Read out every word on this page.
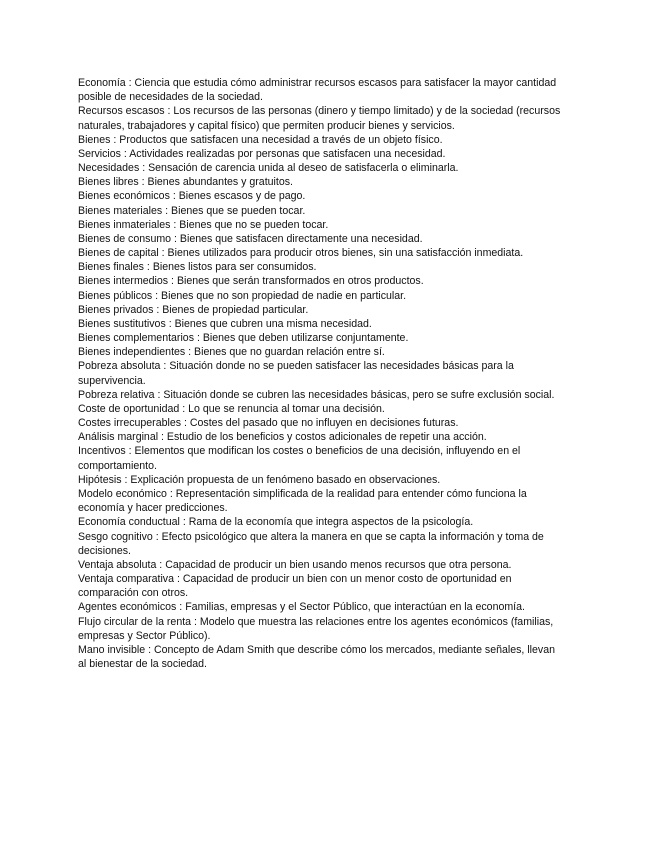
Economía : Ciencia que estudia cómo administrar recursos escasos para satisfacer la mayor cantidad posible de necesidades de la sociedad.

Recursos escasos : Los recursos de las personas (dinero y tiempo limitado) y de la sociedad (recursos naturales, trabajadores y capital físico) que permiten producir bienes y servicios.

Bienes : Productos que satisfacen una necesidad a través de un objeto físico.

Servicios : Actividades realizadas por personas que satisfacen una necesidad.

Necesidades : Sensación de carencia unida al deseo de satisfacerla o eliminarla.

Bienes libres : Bienes abundantes y gratuitos.

Bienes económicos : Bienes escasos y de pago.

Bienes materiales : Bienes que se pueden tocar.

Bienes inmateriales : Bienes que no se pueden tocar.

Bienes de consumo : Bienes que satisfacen directamente una necesidad.

Bienes de capital : Bienes utilizados para producir otros bienes, sin una satisfacción inmediata.

Bienes finales : Bienes listos para ser consumidos.

Bienes intermedios : Bienes que serán transformados en otros productos.

Bienes públicos : Bienes que no son propiedad de nadie en particular.

Bienes privados : Bienes de propiedad particular.

Bienes sustitutivos : Bienes que cubren una misma necesidad.

Bienes complementarios : Bienes que deben utilizarse conjuntamente.

Bienes independientes : Bienes que no guardan relación entre sí.

Pobreza absoluta : Situación donde no se pueden satisfacer las necesidades básicas para la supervivencia.

Pobreza relativa : Situación donde se cubren las necesidades básicas, pero se sufre exclusión social.

Coste de oportunidad : Lo que se renuncia al tomar una decisión.

Costes irrecuperables : Costes del pasado que no influyen en decisiones futuras.

Análisis marginal : Estudio de los beneficios y costos adicionales de repetir una acción.

Incentivos : Elementos que modifican los costes o beneficios de una decisión, influyendo en el comportamiento.

Hipótesis : Explicación propuesta de un fenómeno basado en observaciones.

Modelo económico : Representación simplificada de la realidad para entender cómo funciona la economía y hacer predicciones.

Economía conductual : Rama de la economía que integra aspectos de la psicología.

Sesgo cognitivo : Efecto psicológico que altera la manera en que se capta la información y toma de decisiones.

Ventaja absoluta : Capacidad de producir un bien usando menos recursos que otra persona.

Ventaja comparativa : Capacidad de producir un bien con un menor costo de oportunidad en comparación con otros.

Agentes económicos : Familias, empresas y el Sector Público, que interactúan en la economía.

Flujo circular de la renta : Modelo que muestra las relaciones entre los agentes económicos (familias, empresas y Sector Público).

Mano invisible : Concepto de Adam Smith que describe cómo los mercados, mediante señales, llevan al bienestar de la sociedad.
